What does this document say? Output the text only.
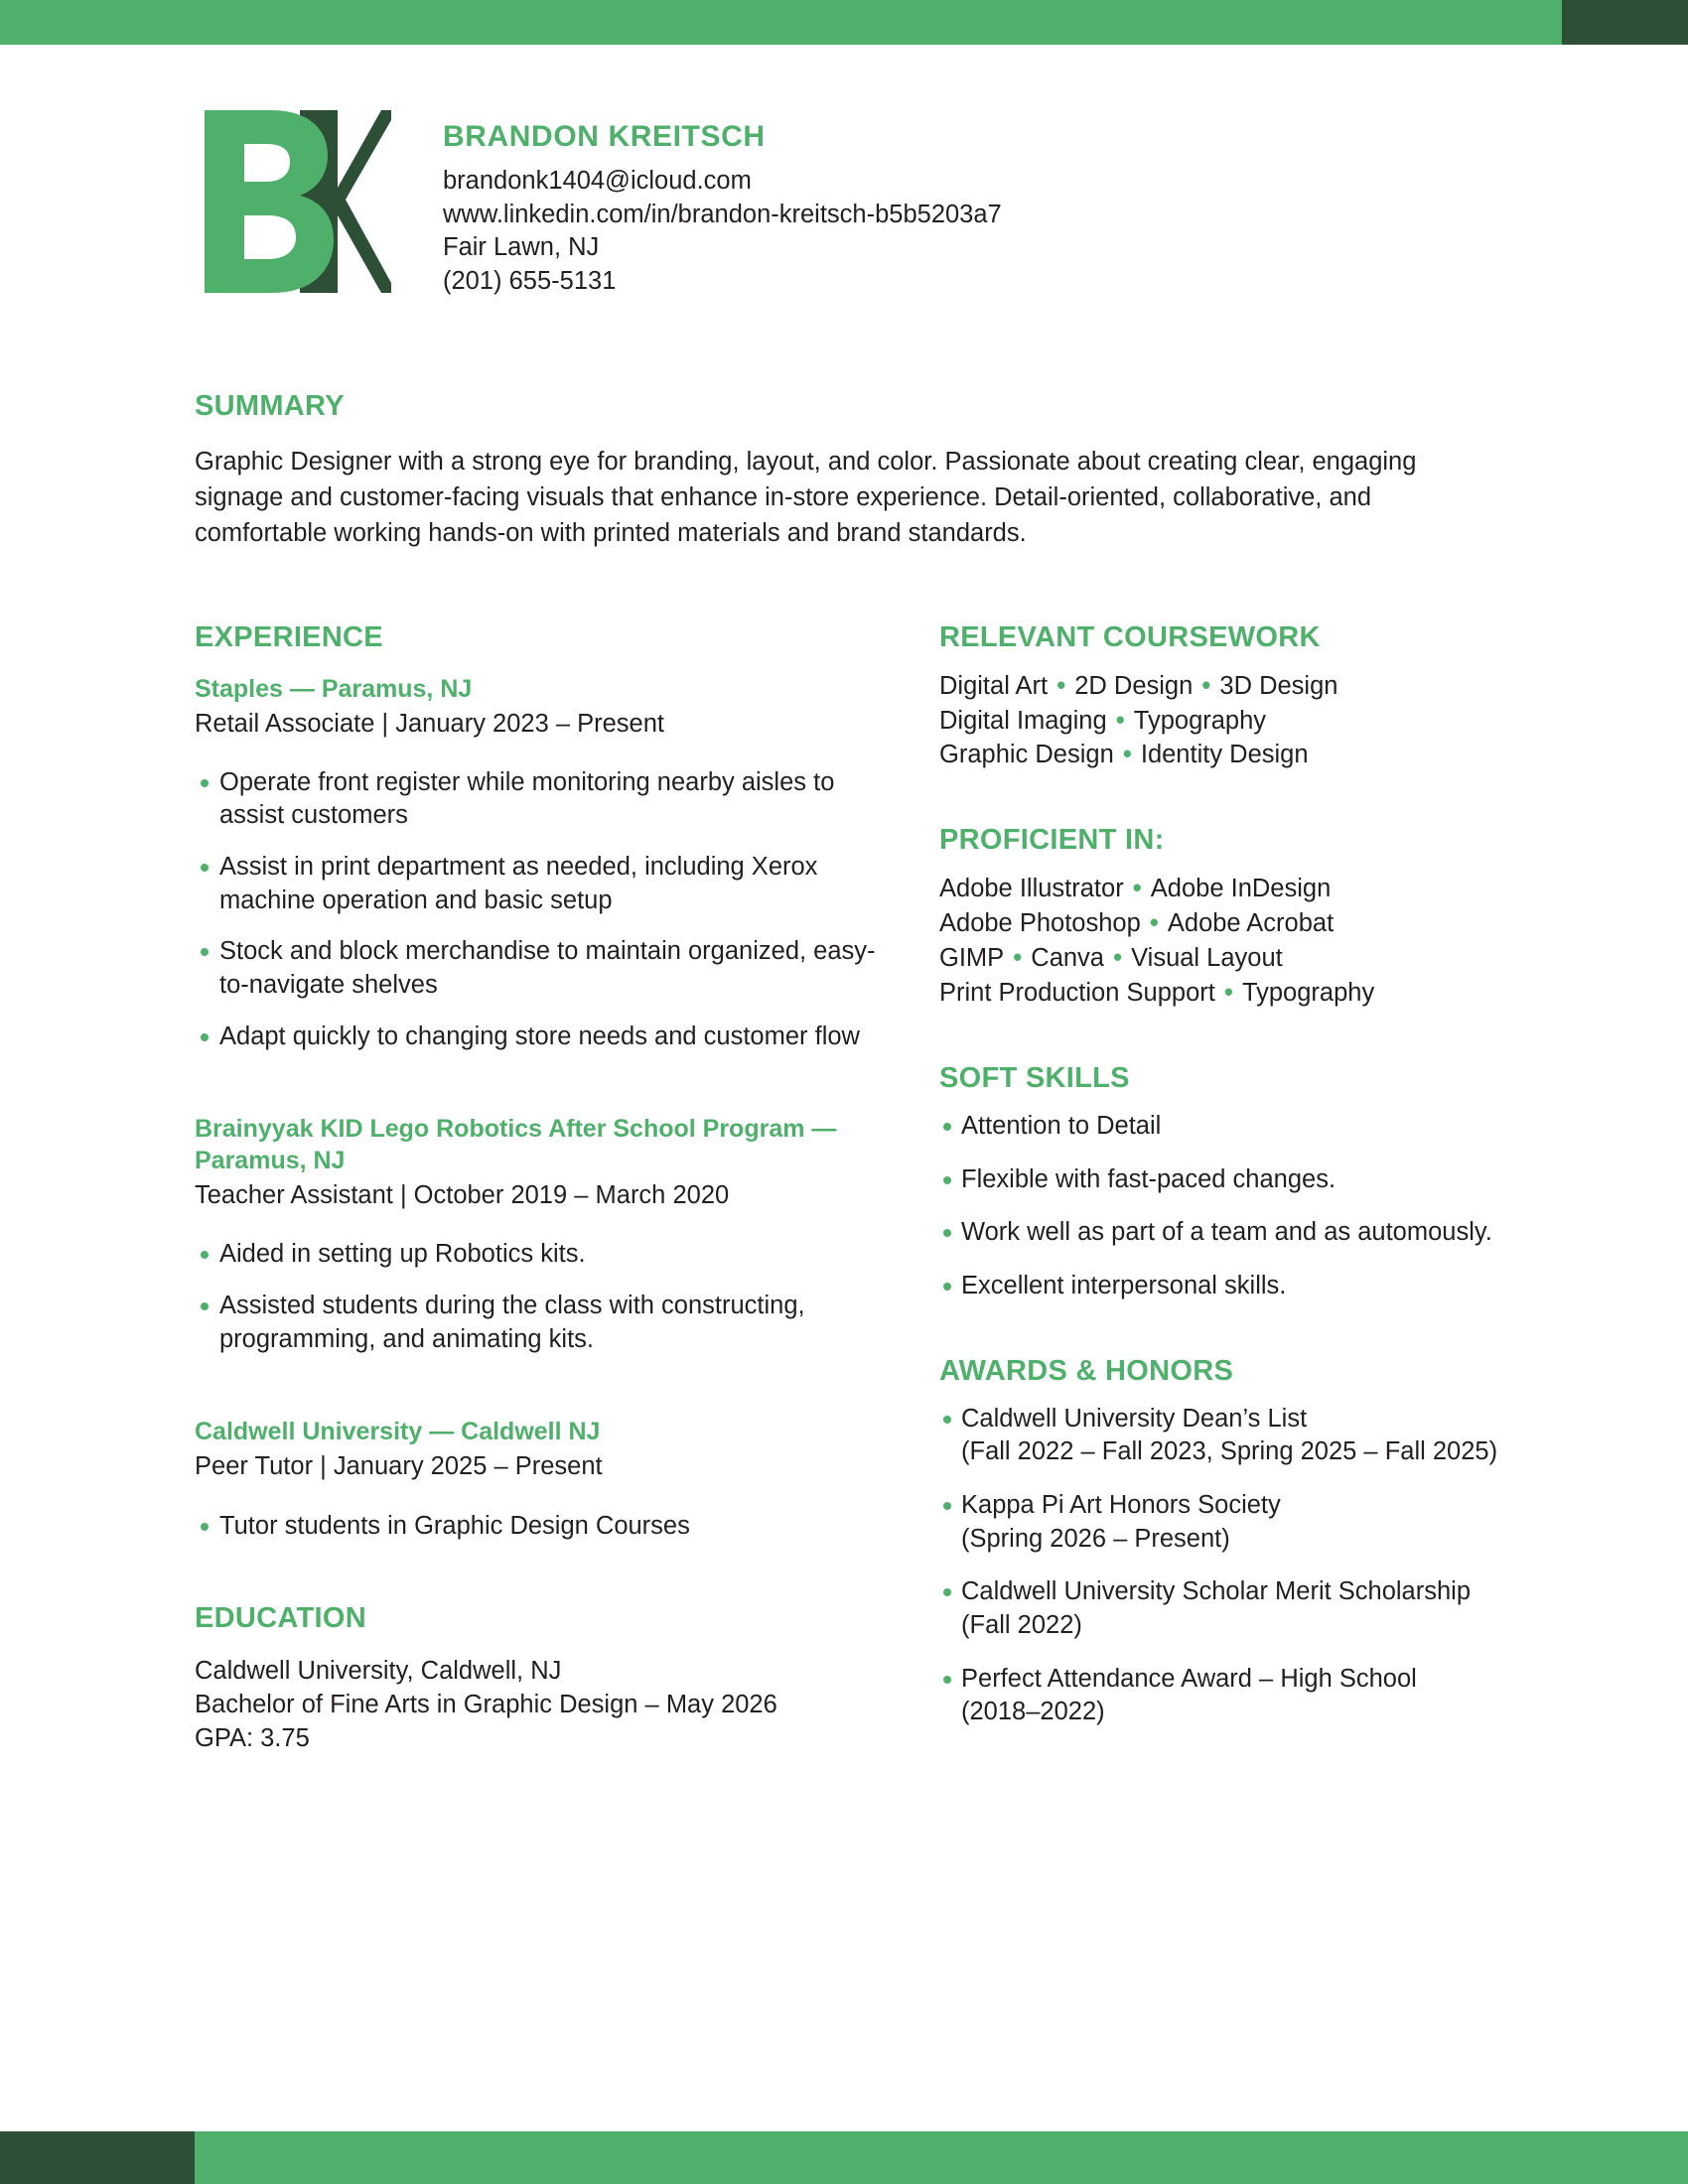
BRANDON KREITSCH
brandonk1404@icloud.com
www.linkedin.com/in/brandon-kreitsch-b5b5203a7
Fair Lawn, NJ
(201) 655-5131
SUMMARY
Graphic Designer with a strong eye for branding, layout, and color. Passionate about creating clear, engaging signage and customer-facing visuals that enhance in-store experience. Detail-oriented, collaborative, and comfortable working hands-on with printed materials and brand standards.
EXPERIENCE
Staples — Paramus, NJ
Retail Associate | January 2023 – Present
Operate front register while monitoring nearby aisles to assist customers
Assist in print department as needed, including Xerox machine operation and basic setup
Stock and block merchandise to maintain organized, easy-to-navigate shelves
Adapt quickly to changing store needs and customer flow
Brainyyak KID Lego Robotics After School Program — Paramus, NJ
Teacher Assistant | October 2019 – March 2020
Aided in setting up Robotics kits.
Assisted students during the class with constructing, programming, and animating kits.
Caldwell University — Caldwell NJ
Peer Tutor | January 2025 – Present
Tutor students in Graphic Design Courses
EDUCATION
Caldwell University, Caldwell, NJ
Bachelor of Fine Arts in Graphic Design – May 2026
GPA: 3.75
RELEVANT COURSEWORK
Digital Art • 2D Design • 3D Design
Digital Imaging • Typography
Graphic Design • Identity Design
PROFICIENT IN:
Adobe Illustrator • Adobe InDesign
Adobe Photoshop • Adobe Acrobat
GIMP • Canva • Visual Layout
Print Production Support • Typography
SOFT SKILLS
Attention to Detail
Flexible with fast-paced changes.
Work well as part of a team and as automously.
Excellent interpersonal skills.
AWARDS & HONORS
Caldwell University Dean’s List
(Fall 2022 – Fall 2023, Spring 2025 – Fall 2025)
Kappa Pi Art Honors Society
(Spring 2026 – Present)
Caldwell University Scholar Merit Scholarship
(Fall 2022)
Perfect Attendance Award – High School
(2018–2022)
